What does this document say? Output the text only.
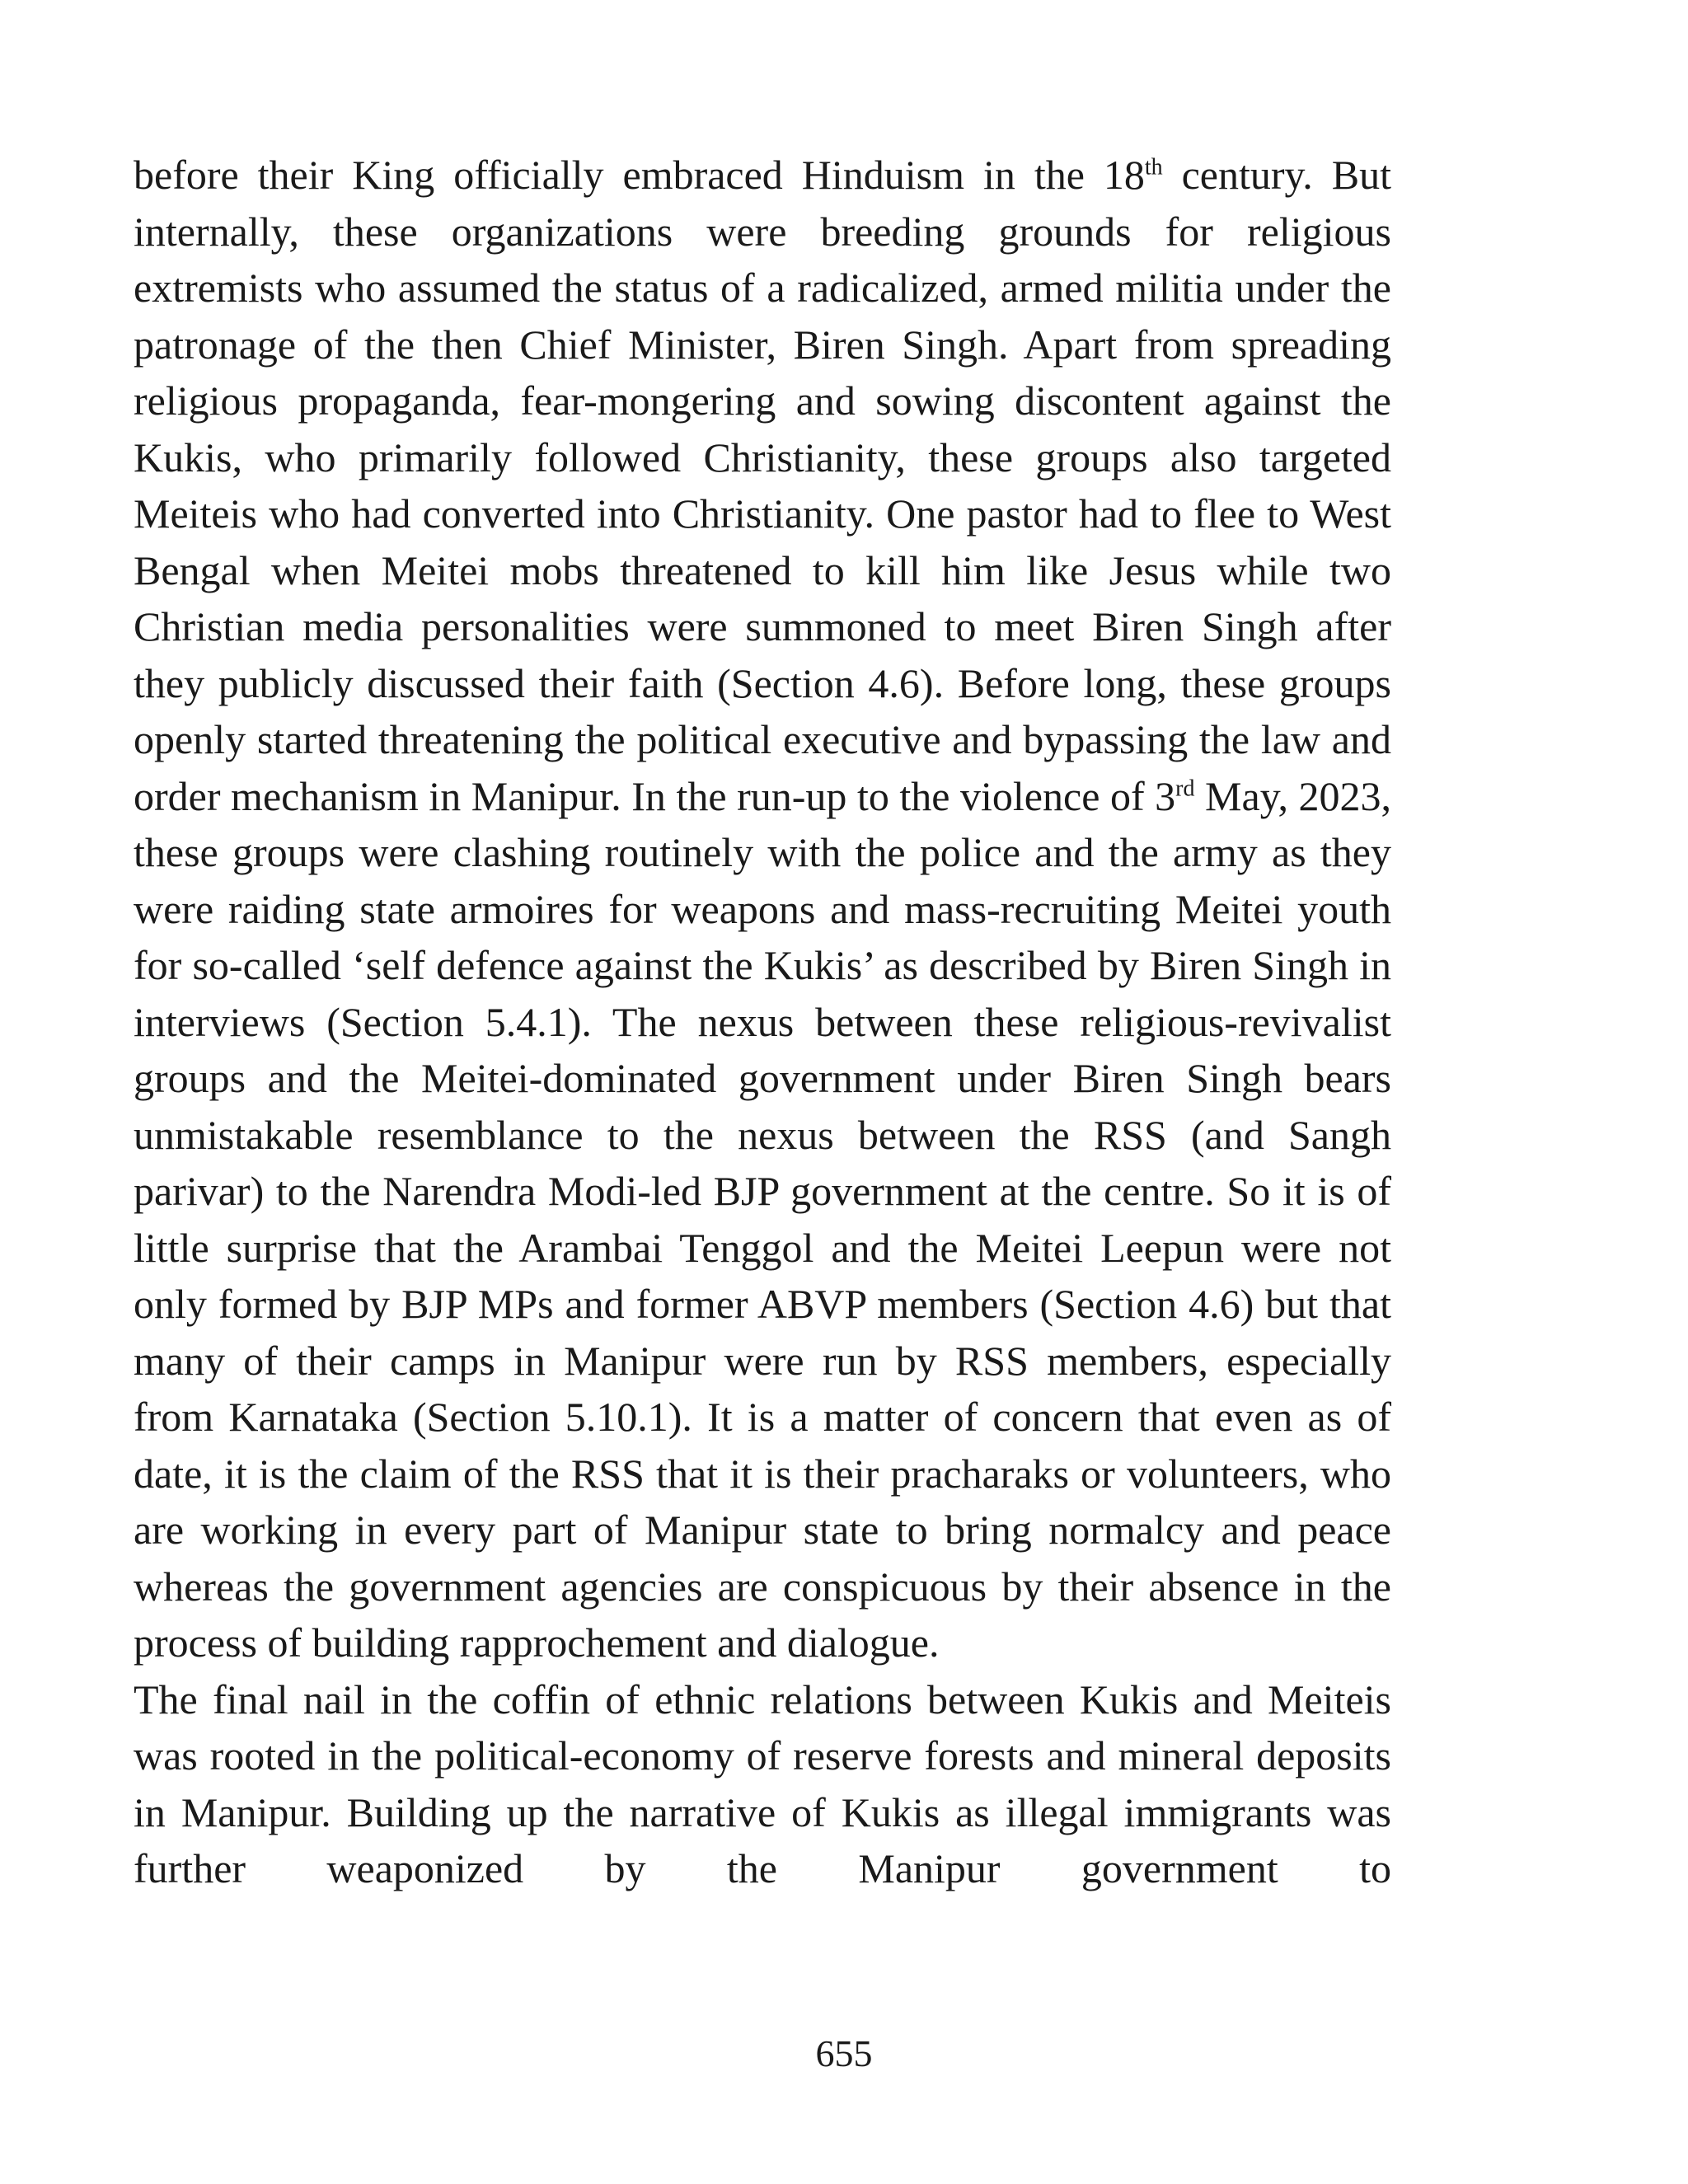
before their King officially embraced Hinduism in the 18th century. But internally, these organizations were breeding grounds for religious extremists who assumed the status of a radicalized, armed militia under the patronage of the then Chief Minister, Biren Singh. Apart from spreading religious propaganda, fear-mongering and sowing discontent against the Kukis, who primarily followed Christianity, these groups also targeted Meiteis who had converted into Christianity. One pastor had to flee to West Bengal when Meitei mobs threatened to kill him like Jesus while two Christian media personalities were summoned to meet Biren Singh after they publicly discussed their faith (Section 4.6). Before long, these groups openly started threatening the political executive and bypassing the law and order mechanism in Manipur. In the run-up to the violence of 3rd May, 2023, these groups were clashing routinely with the police and the army as they were raiding state armoires for weapons and mass-recruiting Meitei youth for so-called ‘self defence against the Kukis’ as described by Biren Singh in interviews (Section 5.4.1). The nexus between these religious-revivalist groups and the Meitei-dominated government under Biren Singh bears unmistakable resemblance to the nexus between the RSS (and Sangh parivar) to the Narendra Modi-led BJP government at the centre. So it is of little surprise that the Arambai Tenggol and the Meitei Leepun were not only formed by BJP MPs and former ABVP members (Section 4.6) but that many of their camps in Manipur were run by RSS members, especially from Karnataka (Section 5.10.1). It is a matter of concern that even as of date, it is the claim of the RSS that it is their pracharaks or volunteers, who are working in every part of Manipur state to bring normalcy and peace whereas the government agencies are conspicuous by their absence in the process of building rapprochement and dialogue.

The final nail in the coffin of ethnic relations between Kukis and Meiteis was rooted in the political-economy of reserve forests and mineral deposits in Manipur. Building up the narrative of Kukis as illegal immigrants was further weaponized by the Manipur government to

655
